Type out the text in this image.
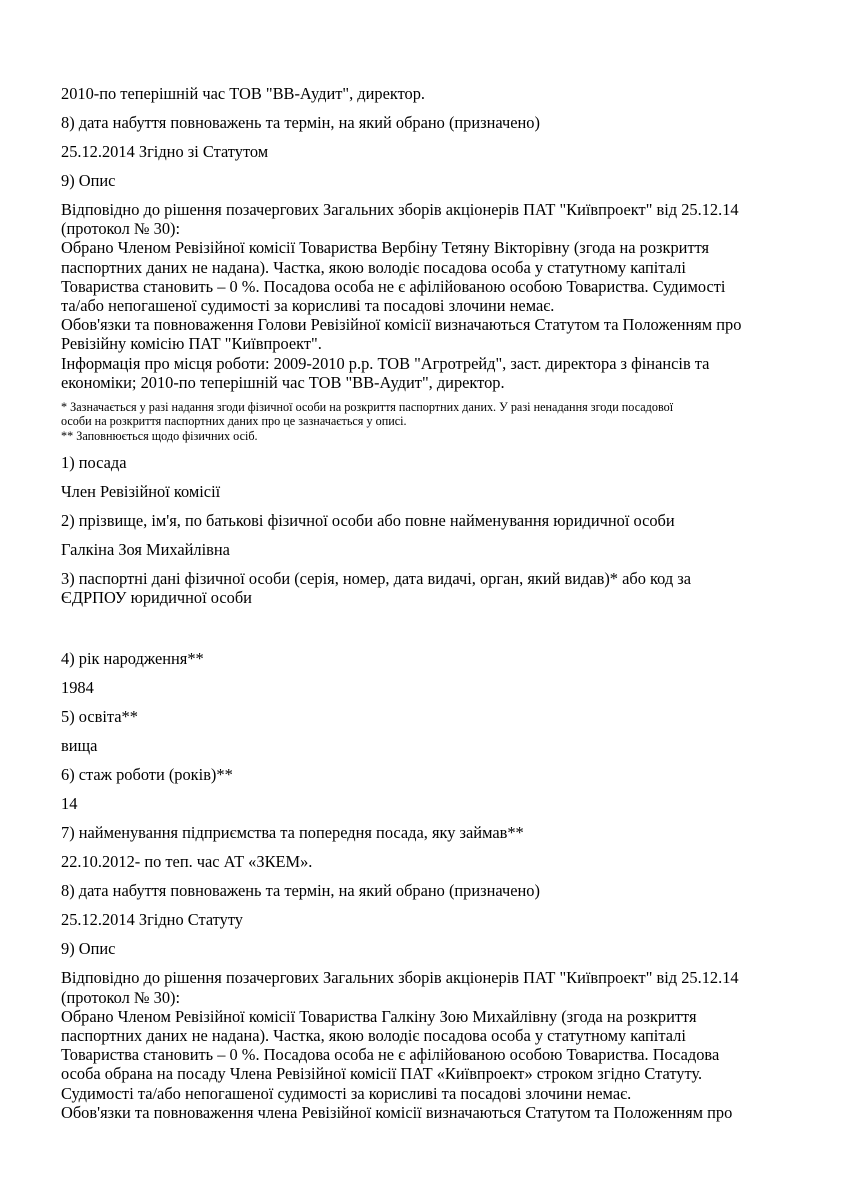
2010-по теперішній час ТОВ "ВВ-Аудит", директор.
8) дата набуття повноважень та термін, на який обрано (призначено)
25.12.2014 Згідно зі Статутом
9) Опис
Відповідно до рішення позачергових Загальних зборів акціонерів ПАТ "Київпроект" від 25.12.14
(протокол № 30):
Обрано Членом Ревізійної комісії Товариства Вербіну Тетяну Вікторівну (згода на розкриття
паспортних даних не надана). Частка, якою володіє посадова особа у статутному капіталі
Товариства становить – 0 %. Посадова особа не є афілійованою особою Товариства. Судимості
та/або непогашеної судимості за корисливі та посадові злочини немає.
Обов'язки та повноваження Голови Ревізійної комісії визначаються Статутом та Положенням про
Ревізійну комісію ПАТ "Київпроект".
Інформація про місця роботи: 2009-2010 р.р. ТОВ "Агротрейд", заст. директора з фінансів та
економіки; 2010-по теперішній час ТОВ "ВВ-Аудит", директор.
* Зазначається у разі надання згоди фізичної особи на розкриття паспортних даних. У разі ненадання згоди посадової
особи на розкриття паспортних даних про це зазначається у описі.
** Заповнюється щодо фізичних осіб.
1) посада
Член Ревізійної комісії
2) прізвище, ім'я, по батькові фізичної особи або повне найменування юридичної особи
Галкіна Зоя Михайлівна
3) паспортні дані фізичної особи (серія, номер, дата видачі, орган, який видав)* або код за
ЄДРПОУ юридичної особи
4) рік народження**
1984
5) освіта**
вища
6) стаж роботи (років)**
14
7) найменування підприємства та попередня посада, яку займав**
22.10.2012- по теп. час АТ «ЗКЕМ».
8) дата набуття повноважень та термін, на який обрано (призначено)
25.12.2014 Згідно Статуту
9) Опис
Відповідно до рішення позачергових Загальних зборів акціонерів ПАТ "Київпроект" від 25.12.14
(протокол № 30):
Обрано Членом Ревізійної комісії Товариства Галкіну Зою Михайлівну (згода на розкриття
паспортних даних не надана). Частка, якою володіє посадова особа у статутному капіталі
Товариства становить – 0 %. Посадова особа не є афілійованою особою Товариства. Посадова
особа обрана на посаду Члена Ревізійної комісії ПАТ «Київпроект» строком згідно Статуту.
Судимості та/або непогашеної судимості за корисливі та посадові злочини немає.
Обов'язки та повноваження члена Ревізійної комісії визначаються Статутом та Положенням про
